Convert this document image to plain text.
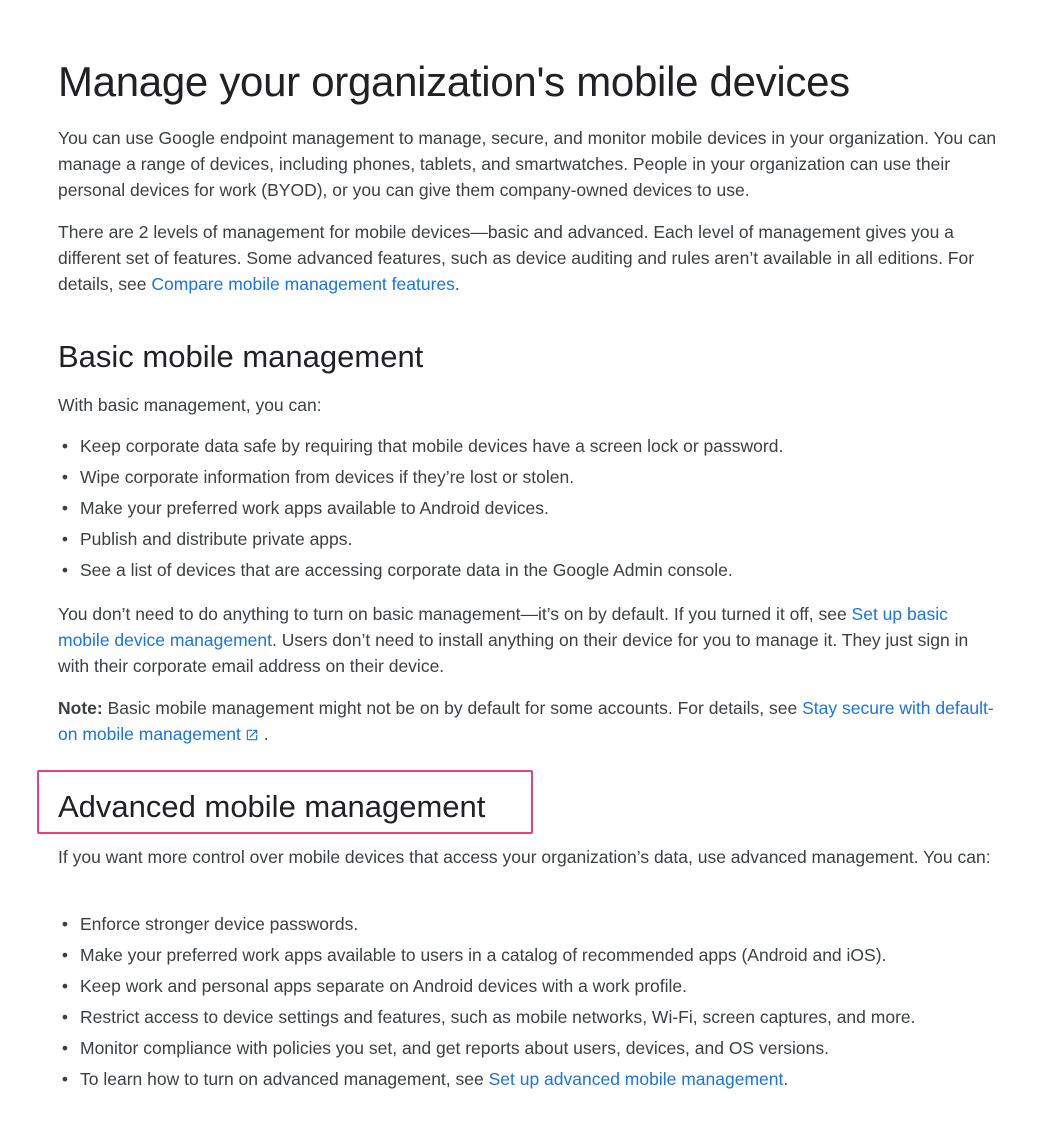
Manage your organization's mobile devices

You can use Google endpoint management to manage, secure, and monitor mobile devices in your organization. You can manage a range of devices, including phones, tablets, and smartwatches. People in your organization can use their personal devices for work (BYOD), or you can give them company-owned devices to use.

There are 2 levels of management for mobile devices—basic and advanced. Each level of management gives you a different set of features. Some advanced features, such as device auditing and rules aren’t available in all editions. For details, see Compare mobile management features.

Basic mobile management

With basic management, you can:

• Keep corporate data safe by requiring that mobile devices have a screen lock or password.
• Wipe corporate information from devices if they’re lost or stolen.
• Make your preferred work apps available to Android devices.
• Publish and distribute private apps.
• See a list of devices that are accessing corporate data in the Google Admin console.

You don’t need to do anything to turn on basic management—it’s on by default. If you turned it off, see Set up basic mobile device management. Users don’t need to install anything on their device for you to manage it. They just sign in with their corporate email address on their device.

Note: Basic mobile management might not be on by default for some accounts. For details, see Stay secure with default-on mobile management .

Advanced mobile management

If you want more control over mobile devices that access your organization’s data, use advanced management. You can:

• Enforce stronger device passwords.
• Make your preferred work apps available to users in a catalog of recommended apps (Android and iOS).
• Keep work and personal apps separate on Android devices with a work profile.
• Restrict access to device settings and features, such as mobile networks, Wi-Fi, screen captures, and more.
• Monitor compliance with policies you set, and get reports about users, devices, and OS versions.
• To learn how to turn on advanced management, see Set up advanced mobile management.
